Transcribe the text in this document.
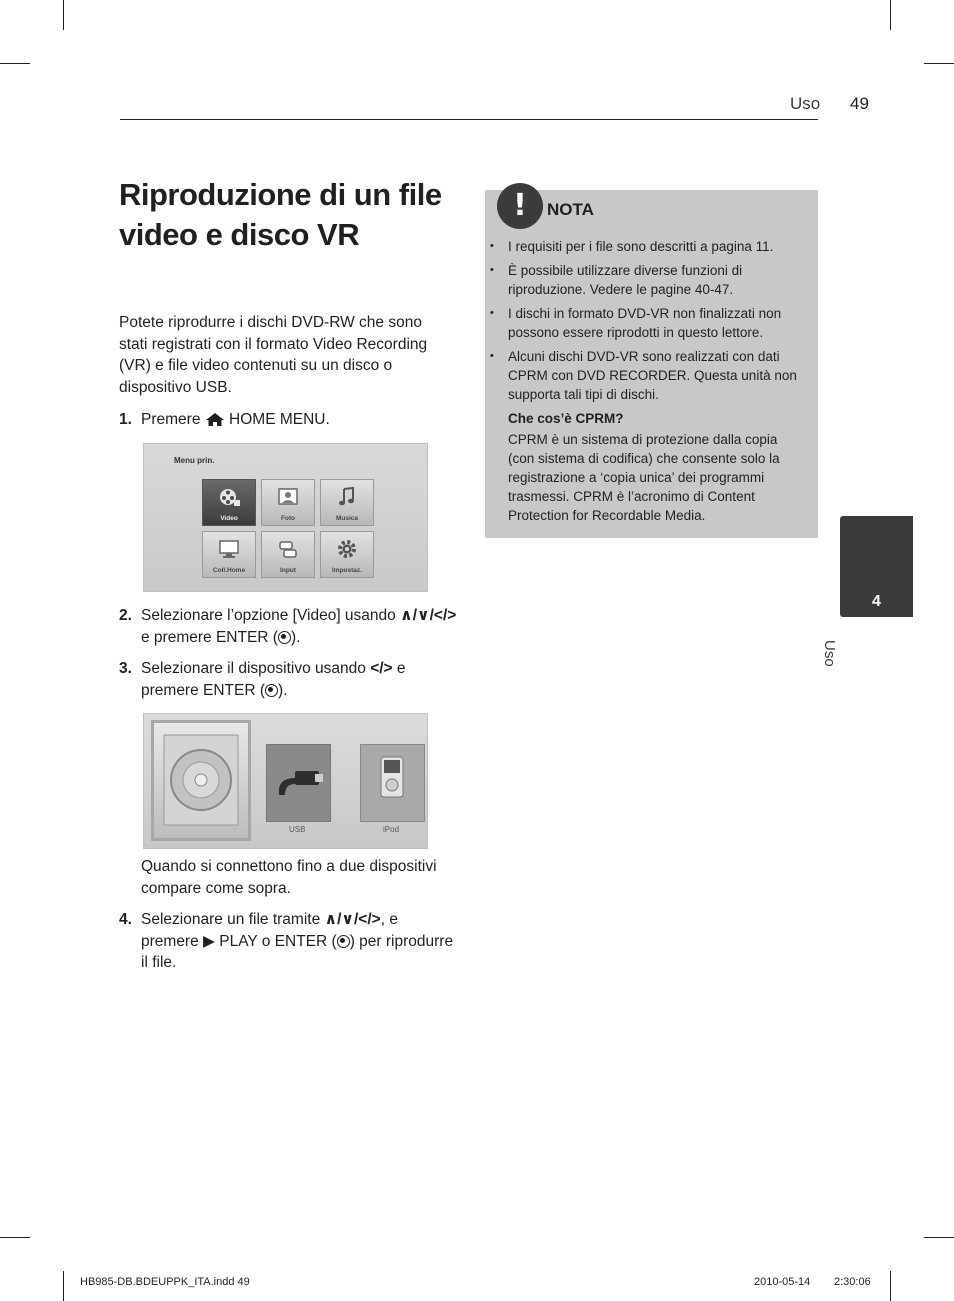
Uso 49
Riproduzione di un file video e disco VR
Potete riprodurre i dischi DVD-RW che sono stati registrati con il formato Video Recording (VR) e file video contenuti su un disco o dispositivo USB.
1. Premere  HOME MENU.
Menu prin.
Video	Foto	Musica
Coll.Home	Input	Impostaz.
2. Selezionare l’opzione [Video] usando ∧/∨/</> e premere ENTER ( ).
3. Selezionare il dispositivo usando </> e premere ENTER ( ).
USB	iPod
Quando si connettono fino a due dispositivi compare come sopra.
4. Selezionare un file tramite ∧/∨/</>, e premere ▶ PLAY o ENTER ( ) per riprodurre il file.
!	NOTA
• I requisiti per i file sono descritti a pagina 11.
• È possibile utilizzare diverse funzioni di riproduzione. Vedere le pagine 40-47.
• I dischi in formato DVD-VR non finalizzati non possono essere riprodotti in questo lettore.
• Alcuni dischi DVD-VR sono realizzati con dati CPRM con DVD RECORDER. Questa unità non supporta tali tipi di dischi.
Che cos’è CPRM?
CPRM è un sistema di protezione dalla copia (con sistema di codifica) che consente solo la registrazione a ‘copia unica’ dei programmi trasmessi. CPRM è l’acronimo di Content Protection for Recordable Media.
4
Uso
HB985-DB.BDEUPPK_ITA.indd 49	2010-05-14 2:30:06
